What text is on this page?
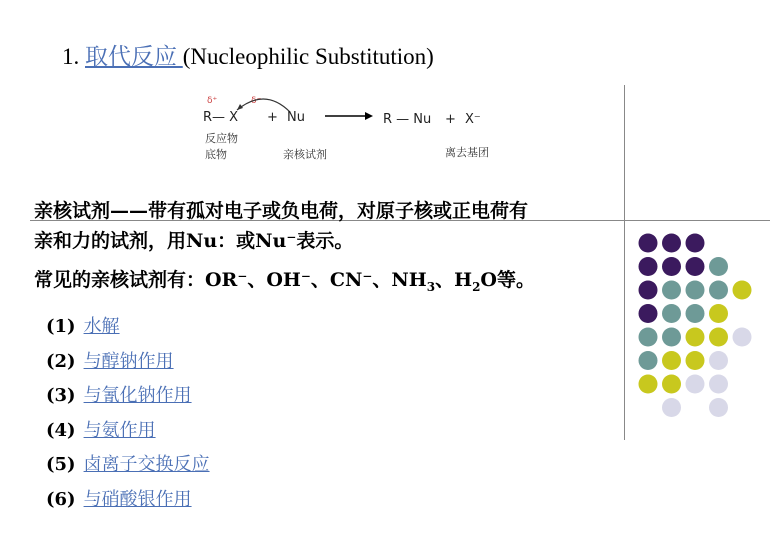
1. 取代反应 (Nucleophilic Substitution)
δ⁺	δ⁻
R— X + Nu	R — Nu + X⁻
反应物
底物	亲核试剂	离去基团
亲核试剂——带有孤对电子或负电荷，对原子核或正电荷有
亲和力的试剂，用Nu：或Nu⁻表示。
常见的亲核试剂有：OR⁻、OH⁻、CN⁻、$NH_3$、$H_2O$等。
(1) 水解
(2) 与醇钠作用
(3) 与氰化钠作用
(4) 与氨作用
(5) 卤离子交换反应
(6) 与硝酸银作用
